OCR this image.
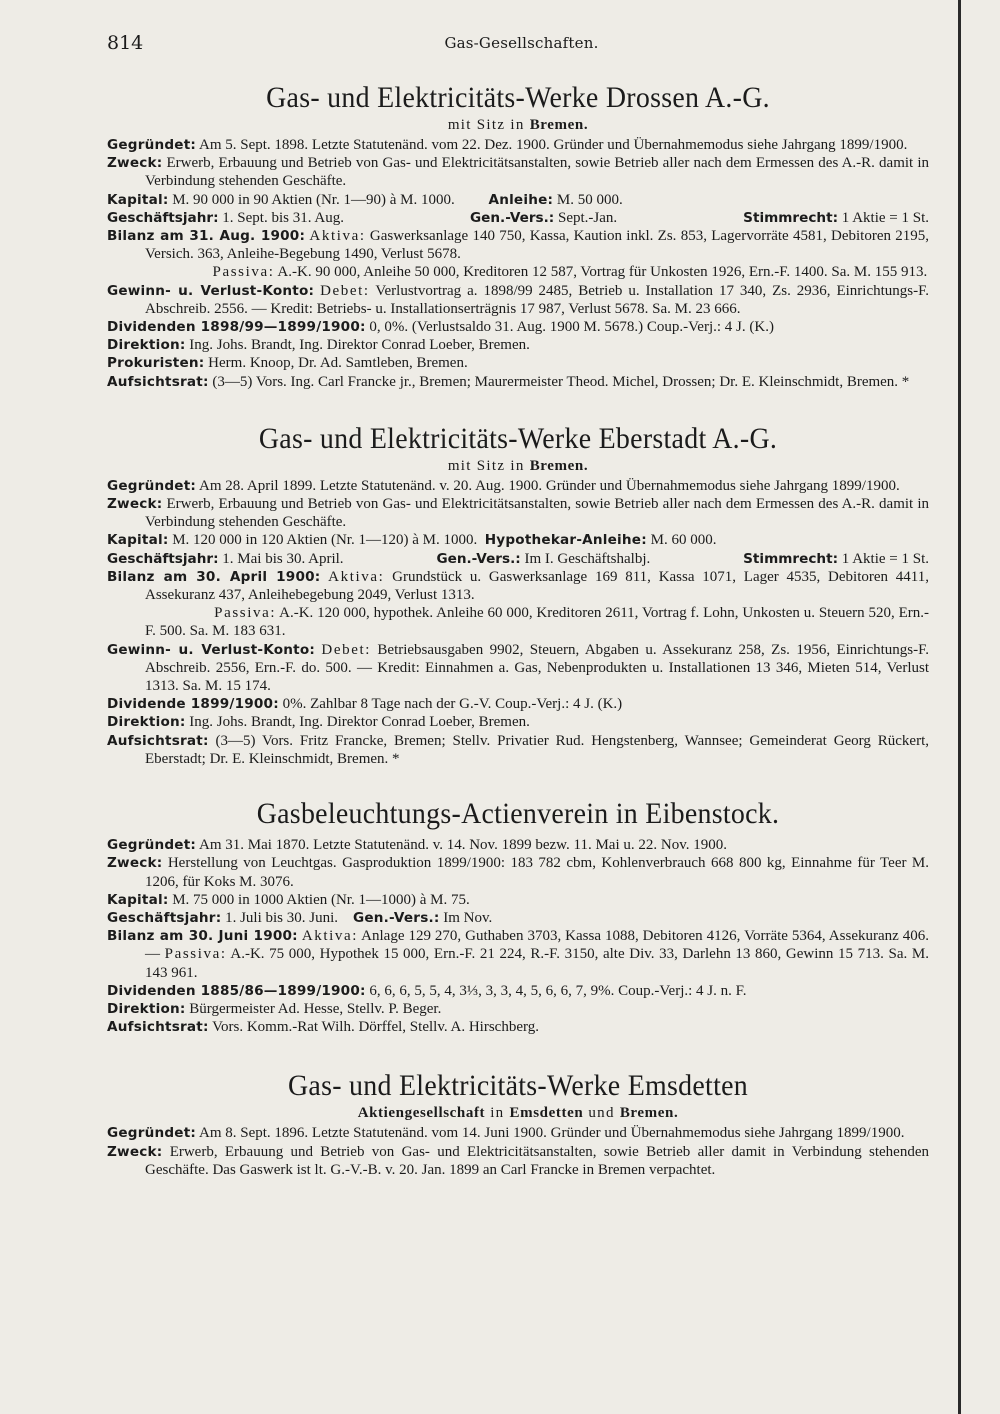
814	Gas-Gesellschaften.
Gas- und Elektricitäts-Werke Drossen A.-G.
mit Sitz in Bremen.
Gegründet: Am 5. Sept. 1898. Letzte Statutenänd. vom 22. Dez. 1900. Gründer und Übernahmemodus siehe Jahrgang 1899/1900.
Zweck: Erwerb, Erbauung und Betrieb von Gas- und Elektricitätsanstalten, sowie Betrieb aller nach dem Ermessen des A.-R. damit in Verbindung stehenden Geschäfte.
Kapital: M. 90 000 in 90 Aktien (Nr. 1—90) à M. 1000. Anleihe: M. 50 000.
Geschäftsjahr: 1. Sept. bis 31. Aug.	Gen.-Vers.: Sept.-Jan.	Stimmrecht: 1 Aktie = 1 St.
Bilanz am 31. Aug. 1900: Aktiva: Gaswerksanlage 140 750, Kassa, Kaution inkl. Zs. 853, Lagervorräte 4581, Debitoren 2195, Versich. 363, Anleihe-Begebung 1490, Verlust 5678.
Passiva: A.-K. 90 000, Anleihe 50 000, Kreditoren 12 587, Vortrag für Unkosten 1926, Ern.-F. 1400. Sa. M. 155 913.
Gewinn- u. Verlust-Konto: Debet: Verlustvortrag a. 1898/99 2485, Betrieb u. Installation 17 340, Zs. 2936, Einrichtungs-F. Abschreib. 2556. — Kredit: Betriebs- u. Installationserträgnis 17 987, Verlust 5678. Sa. M. 23 666.
Dividenden 1898/99—1899/1900: 0, 0%. (Verlustsaldo 31. Aug. 1900 M. 5678.) Coup.-Verj.: 4 J. (K.)
Direktion: Ing. Johs. Brandt, Ing. Direktor Conrad Loeber, Bremen.
Prokuristen: Herm. Knoop, Dr. Ad. Samtleben, Bremen.
Aufsichtsrat: (3—5) Vors. Ing. Carl Francke jr., Bremen; Maurermeister Theod. Michel, Drossen; Dr. E. Kleinschmidt, Bremen. *
Gas- und Elektricitäts-Werke Eberstadt A.-G.
mit Sitz in Bremen.
Gegründet: Am 28. April 1899. Letzte Statutenänd. v. 20. Aug. 1900. Gründer und Übernahmemodus siehe Jahrgang 1899/1900.
Zweck: Erwerb, Erbauung und Betrieb von Gas- und Elektricitätsanstalten, sowie Betrieb aller nach dem Ermessen des A.-R. damit in Verbindung stehenden Geschäfte.
Kapital: M. 120 000 in 120 Aktien (Nr. 1—120) à M. 1000. Hypothekar-Anleihe: M. 60 000.
Geschäftsjahr: 1. Mai bis 30. April.	Gen.-Vers.: Im I. Geschäftshalbj.	Stimmrecht: 1 Aktie = 1 St.
Bilanz am 30. April 1900: Aktiva: Grundstück u. Gaswerksanlage 169 811, Kassa 1071, Lager 4535, Debitoren 4411, Assekuranz 437, Anleihebegebung 2049, Verlust 1313.
Passiva: A.-K. 120 000, hypothek. Anleihe 60 000, Kreditoren 2611, Vortrag f. Lohn, Unkosten u. Steuern 520, Ern.-F. 500. Sa. M. 183 631.
Gewinn- u. Verlust-Konto: Debet: Betriebsausgaben 9902, Steuern, Abgaben u. Assekuranz 258, Zs. 1956, Einrichtungs-F. Abschreib. 2556, Ern.-F. do. 500. — Kredit: Einnahmen a. Gas, Nebenprodukten u. Installationen 13 346, Mieten 514, Verlust 1313. Sa. M. 15 174.
Dividende 1899/1900: 0%. Zahlbar 8 Tage nach der G.-V. Coup.-Verj.: 4 J. (K.)
Direktion: Ing. Johs. Brandt, Ing. Direktor Conrad Loeber, Bremen.
Aufsichtsrat: (3—5) Vors. Fritz Francke, Bremen; Stellv. Privatier Rud. Hengstenberg, Wannsee; Gemeinderat Georg Rückert, Eberstadt; Dr. E. Kleinschmidt, Bremen. *
Gasbeleuchtungs-Actienverein in Eibenstock.
Gegründet: Am 31. Mai 1870. Letzte Statutenänd. v. 14. Nov. 1899 bezw. 11. Mai u. 22. Nov. 1900.
Zweck: Herstellung von Leuchtgas. Gasproduktion 1899/1900: 183 782 cbm, Kohlenverbrauch 668 800 kg, Einnahme für Teer M. 1206, für Koks M. 3076.
Kapital: M. 75 000 in 1000 Aktien (Nr. 1—1000) à M. 75.
Geschäftsjahr: 1. Juli bis 30. Juni. Gen.-Vers.: Im Nov.
Bilanz am 30. Juni 1900: Aktiva: Anlage 129 270, Guthaben 3703, Kassa 1088, Debitoren 4126, Vorräte 5364, Assekuranz 406. — Passiva: A.-K. 75 000, Hypothek 15 000, Ern.-F. 21 224, R.-F. 3150, alte Div. 33, Darlehn 13 860, Gewinn 15 713. Sa. M. 143 961.
Dividenden 1885/86—1899/1900: 6, 6, 6, 5, 5, 4, 3⅓, 3, 3, 4, 5, 6, 6, 7, 9%. Coup.-Verj.: 4 J. n. F.
Direktion: Bürgermeister Ad. Hesse, Stellv. P. Beger.
Aufsichtsrat: Vors. Komm.-Rat Wilh. Dörffel, Stellv. A. Hirschberg.
Gas- und Elektricitäts-Werke Emsdetten
Aktiengesellschaft in Emsdetten und Bremen.
Gegründet: Am 8. Sept. 1896. Letzte Statutenänd. vom 14. Juni 1900. Gründer und Übernahmemodus siehe Jahrgang 1899/1900.
Zweck: Erwerb, Erbauung und Betrieb von Gas- und Elektricitätsanstalten, sowie Betrieb aller damit in Verbindung stehenden Geschäfte. Das Gaswerk ist lt. G.-V.-B. v. 20. Jan. 1899 an Carl Francke in Bremen verpachtet.
